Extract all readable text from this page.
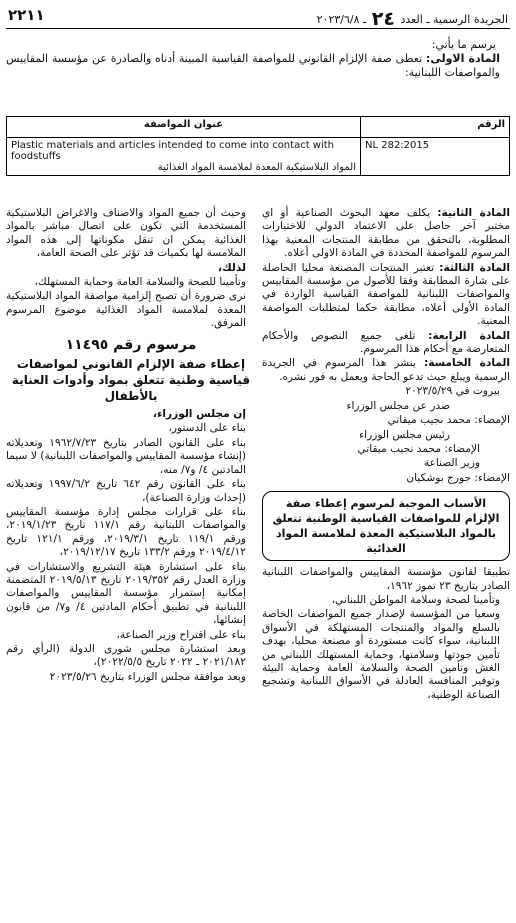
الجريدة الرسمية ـ العدد ٢٤ ـ ٢٠٢٣/٦/٨
٢٢١١

يرسم ما يأتي:

المادة الاولى: تعطى صفة الإلزام القانوني للمواصفة القياسية المبينة أدناه والصادرة عن مؤسسة المقاييس والمواصفات اللبنانية:

الرقم	عنوان المواصفة
NL 282:2015	Plastic materials and articles intended to come into contact with foodstuffs
المواد البلاستيكية المعدة لملامسة المواد الغذائية

المادة الثانية: يكلف معهد البحوث الصناعية أو اي مختبر آخر حاصل على الاعتماد الدولي للاختبارات المطلوبة، بالتحقق من مطابقة المنتجات المعنية بهذا المرسوم للمواصفة المحددة في المادة الاولى أعلاه.

المادة الثالثة: تعتبر المنتجات المصنعة محليا الحاصلة على شارة المطابقة وفقا للأصول من مؤسسة المقاييس والمواصفات اللبنانية للمواصفة القياسية الواردة في المادة الأولى أعلاه، مطابقة حكما لمتطلبات المواصفة المعنية.

المادة الرابعة: تلغى جميع النصوص والأحكام المتعارضة مع أحكام هذا المرسوم.

المادة الخامسة: ينشر هذا المرسوم في الجريدة الرسمية ويبلغ حيث تدعو الحاجة ويعمل به فور نشره.

بيروت في ٢٠٢٣/٥/٢٩

صدر عن مجلس الوزراء

الإمضاء: محمد نجيب ميقاتي

رئيس مجلس الوزراء

الإمضاء: محمد نجيب ميقاتي

وزير الصناعة

الإمضاء: جورج بوشكيان

الأسباب الموجبة لمرسوم إعطاء صفة الإلزام للمواصفات القياسية الوطنية تتعلق بالمواد البلاستيكية المعدة لملامسة المواد الغذائية

تطبيقا لقانون مؤسسة المقاييس والمواصفات اللبنانية الصادر بتاريخ ٢٣ تموز ١٩٦٢،

وتأمينا لصحة وسلامة المواطن اللبناني،

وسعيا من المؤسسة لإصدار جميع المواصفات الخاصة بالسلع والمواد والمنتجات المستهلكة في الأسواق اللبنانية، سواء كانت مستوردة أو مصنعة محليا، بهدف تأمين جودتها وسلامتها، وحماية المستهلك اللبناني من الغش وتأمين الصحة والسلامة العامة وحماية البيئة وتوفير المنافسة العادلة في الأسواق اللبنانية وتشجيع الصناعة الوطنية،

وحيث أن جميع المواد والاصناف والاغراض البلاستيكية المستخدمة التي تكون على اتصال مباشر بالمواد الغذائية يمكن ان تنقل مكوناتها إلى هذه المواد الملامسة لها بكميات قد تؤثر على الصحة العامة،

لذلك،

وتأمينا للصحة والسلامة العامة وحماية المستهلك،

نرى ضرورة أن تصبح إلزامية مواصفة المواد البلاستيكية المعدة لملامسة المواد الغذائية موضوع المرسوم المرفق.

مرسوم رقم ١١٤٩٥
إعطاء صفة الإلزام القانوني لمواصفات قياسية وطنية تتعلق بمواد وأدوات العناية بالأطفال

إن مجلس الوزراء،

بناء على الدستور،

بناء على القانون الصادر بتاريخ ١٩٦٢/٧/٢٣ وتعديلاته (إنشاء مؤسسة المقاييس والمواصفات اللبنانية) لا سيما المادتين ٤/ و٧/ منه،

بناء على القانون رقم ٦٤٢ تاريخ ١٩٩٧/٦/٢ وتعديلاته (إحداث وزارة الصناعة)،

بناء على قرارات مجلس إدارة مؤسسة المقاييس والمواصفات اللبنانية رقم ١١٧/١ تاريخ ٢٠١٩/١/٢٣، ورقم ١١٩/١ تاريخ ٢٠١٩/٣/١، ورقم ١٢١/١ تاريخ ٢٠١٩/٤/١٢ ورقم ١٣٣/٢ تاريخ ٢٠١٩/١٢/١٧،

بناء على استشارة هيئة التشريع والاستشارات في وزارة العدل رقم ٢٠١٩/٣٥٢ تاريخ ٢٠١٩/٥/١٣ المتضمنة إمكانية إستمرار مؤسسة المقاييس والمواصفات اللبنانية في تطبيق أحكام المادتين ٤/ و٧/ من قانون إنشائها،

بناء على اقتراح وزير الصناعة،

وبعد استشارة مجلس شورى الدولة (الرأي رقم ٢٠٢١/١٨٢ ـ ٢٠٢٢ تاريخ ٢٠٢٢/٥/٥)،

وبعد موافقة مجلس الوزراء بتاريخ ٢٠٢٣/٥/٢٦
